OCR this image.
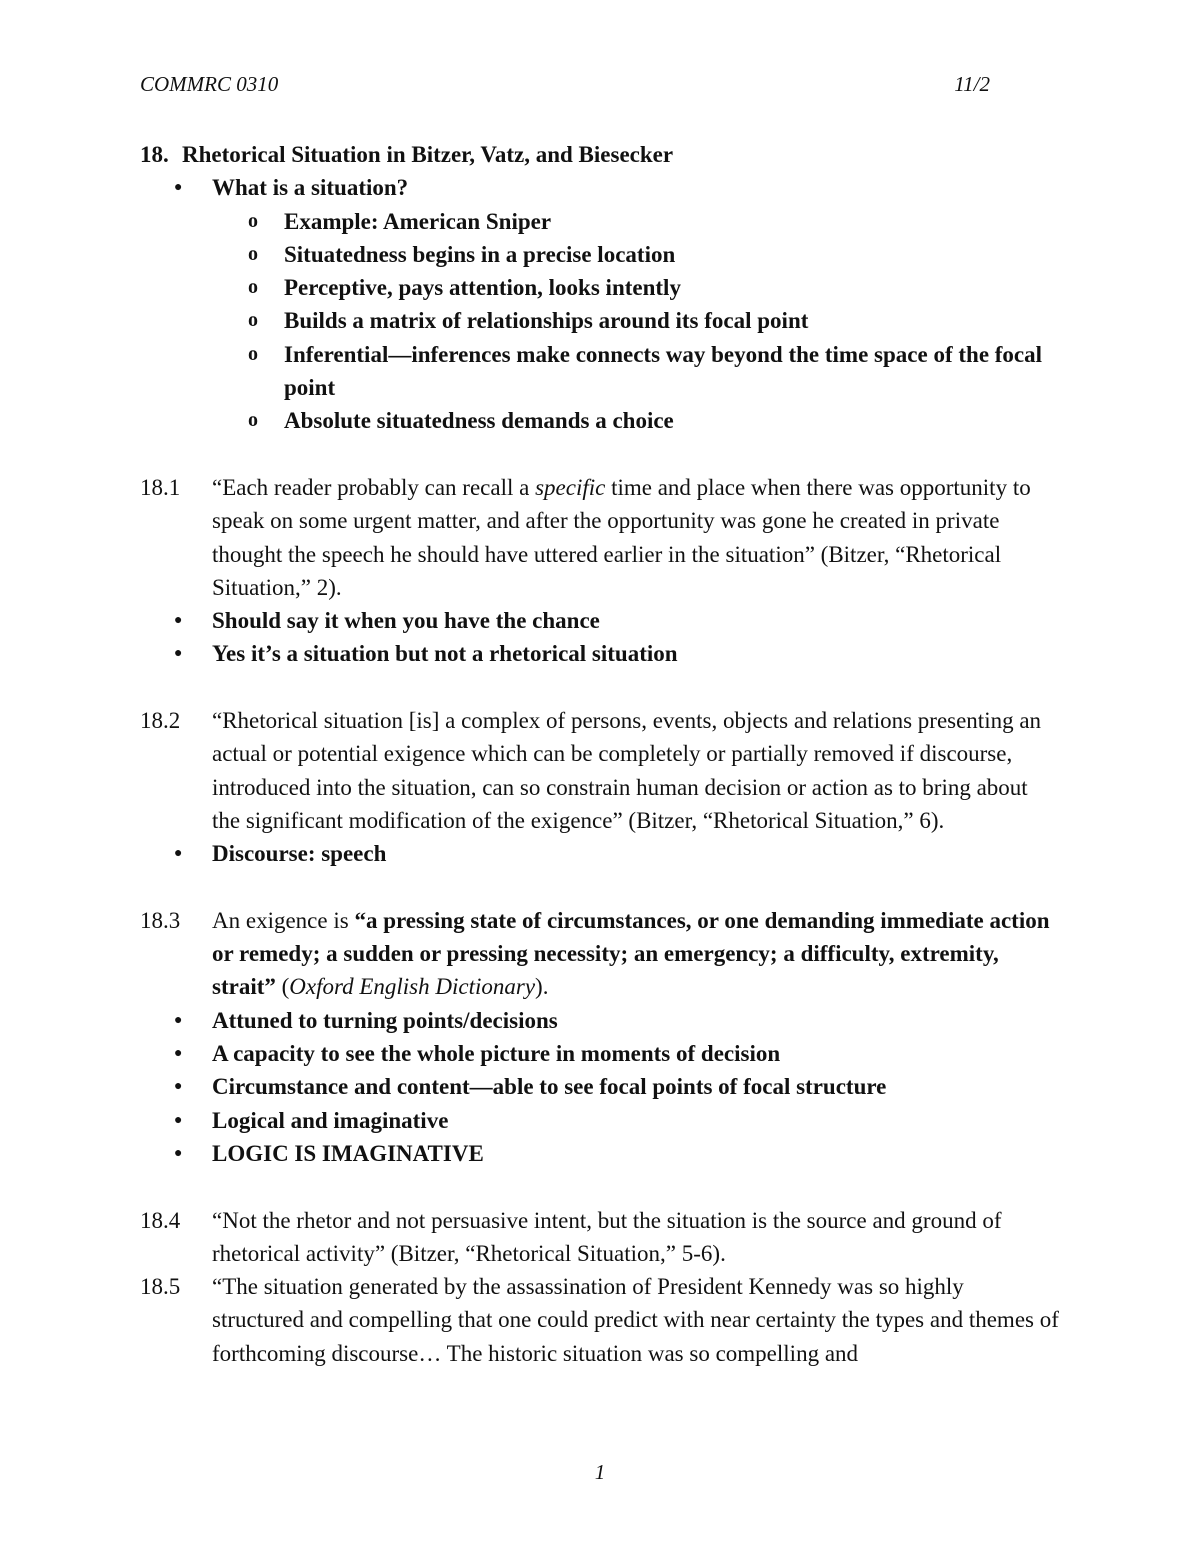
COMMRC 0310	11/2
18. Rhetorical Situation in Bitzer, Vatz, and Biesecker
● What is a situation?
o Example: American Sniper
o Situatedness begins in a precise location
o Perceptive, pays attention, looks intently
o Builds a matrix of relationships around its focal point
o Inferential—inferences make connects way beyond the time space of the focal point
o Absolute situatedness demands a choice
18.1	“Each reader probably can recall a specific time and place when there was opportunity to speak on some urgent matter, and after the opportunity was gone he created in private thought the speech he should have uttered earlier in the situation” (Bitzer, “Rhetorical Situation,” 2).
● Should say it when you have the chance
● Yes it’s a situation but not a rhetorical situation
18.2	“Rhetorical situation [is] a complex of persons, events, objects and relations presenting an actual or potential exigence which can be completely or partially removed if discourse, introduced into the situation, can so constrain human decision or action as to bring about the significant modification of the exigence” (Bitzer, “Rhetorical Situation,” 6).
● Discourse: speech
18.3	An exigence is “a pressing state of circumstances, or one demanding immediate action or remedy; a sudden or pressing necessity; an emergency; a difficulty, extremity, strait” (Oxford English Dictionary).
● Attuned to turning points/decisions
● A capacity to see the whole picture in moments of decision
● Circumstance and content—able to see focal points of focal structure
● Logical and imaginative
● LOGIC IS IMAGINATIVE
18.4	“Not the rhetor and not persuasive intent, but the situation is the source and ground of rhetorical activity” (Bitzer, “Rhetorical Situation,” 5-6).
18.5	“The situation generated by the assassination of President Kennedy was so highly structured and compelling that one could predict with near certainty the types and themes of forthcoming discourse… The historic situation was so compelling and
1
